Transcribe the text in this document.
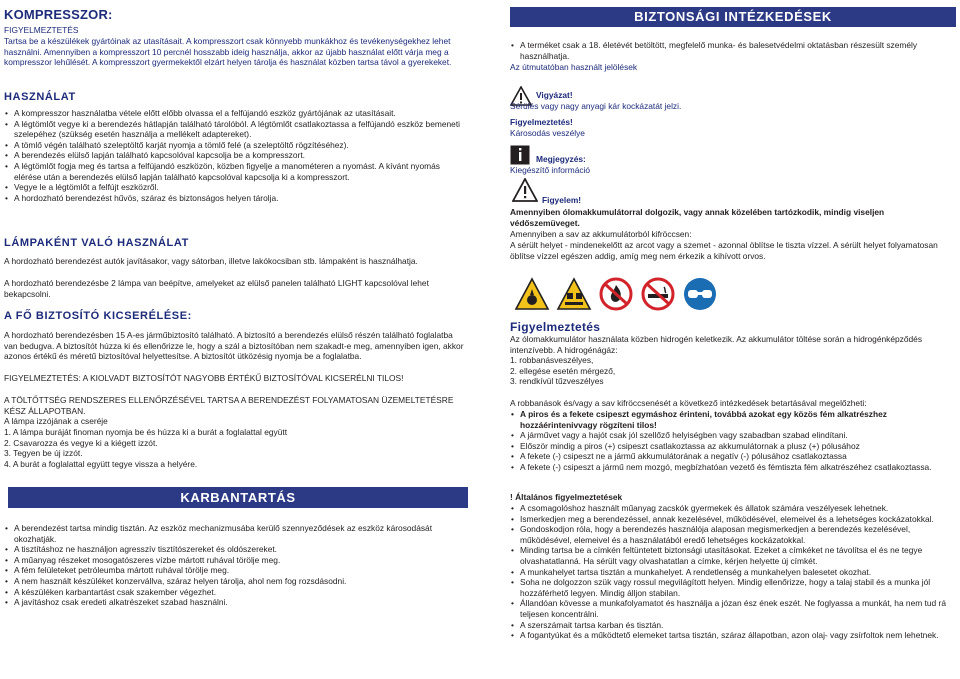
KOMPRESSZOR:

FIGYELMEZTETÉS

Tartsa be a készülékek gyártóinak az utasításait. A kompresszort csak könnyebb munkákhoz és tevékenységekhez lehet használni. Amennyiben a kompresszort 10 percnél hosszabb ideig használja, akkor az újabb használat előtt várja meg a kompresszor lehűlését. A kompresszort gyermekektől elzárt helyen tárolja és használat közben tartsa távol a gyerekeket.

HASZNÁLAT
• A kompresszor használatba vétele előtt előbb olvassa el a felfújandó eszköz gyártójának az utasításait.
• A légtömlőt vegye ki a berendezés hátlapján található tárolóból. A légtömlőt csatlakoztassa a felfújandó eszköz bemeneti szelepéhez (szükség esetén használja a mellékelt adaptereket).
• A tömlő végén található szeleptöltő karját nyomja a tömlő felé (a szeleptöltő rögzítéséhez).
• A berendezés elülső lapján található kapcsolóval kapcsolja be a kompresszort.
• A légtömlőt fogja meg és tartsa a felfújandó eszközön, közben figyelje a manométeren a nyomást. A kívánt nyomás elérése után a berendezés elülső lapján található kapcsolóval kapcsolja ki a kompresszort.
• Vegye le a légtömlőt a felfújt eszközről.
• A hordozható berendezést hűvös, száraz és biztonságos helyen tárolja.
LÁMPAKÉNT VALÓ HASZNÁLAT

A hordozható berendezést autók javításakor, vagy sátorban, illetve lakókocsiban stb. lámpaként is használhatja.

A hordozható berendezésbe 2 lámpa van beépítve, amelyeket az elülső panelen található LIGHT kapcsolóval lehet bekapcsolni.

A FŐ BIZTOSÍTÓ KICSERÉLÉSE:

A hordozható berendezésben 15 A-es járműbiztosító található. A biztosító a berendezés elülső részén található foglalatba van bedugva. A biztosítót húzza ki és ellenőrizze le, hogy a szál a biztosítóban nem szakadt-e meg, amennyiben igen, akkor azonos értékű és méretű biztosítóval helyettesítse. A biztosítót ütközésig nyomja be a foglalatba.

FIGYELMEZTETÉS: A KIOLVADT BIZTOSÍTÓT NAGYOBB ÉRTÉKŰ BIZTOSÍTÓVAL KICSERÉLNI TILOS!

A TÖLTŐTTSÉG RENDSZERES ELLENŐRZÉSÉVEL TARTSA A BERENDEZÉST FOLYAMATOSAN ÜZEMELTETÉSRE KÉSZ ÁLLAPOTBAN.

A lámpa izzójának a cseréje

1. A lámpa buráját finoman nyomja be és húzza ki a burát a foglalattal együtt

2. Csavarozza és vegye ki a kiégett izzót.

3. Tegyen be új izzót.

4. A burát a foglalattal együtt tegye vissza a helyére.

KARBANTARTÁS
• A berendezést tartsa mindig tisztán. Az eszköz mechanizmusába kerülő szennyeződések az eszköz károsodását okozhatják.
• A tisztításhoz ne használjon agresszív tisztítószereket és oldószereket.
• A műanyag részeket mosogatószeres vízbe mártott ruhával törölje meg.
• A fém felületeket petróleumba mártott ruhával törölje meg.
• A nem használt készüléket konzervállva, száraz helyen tárolja, ahol nem fog rozsdásodni.
• A készüléken karbantartást csak szakember végezhet.
• A javításhoz csak eredeti alkatrészeket szabad használni.
BIZTONSÁGI INTÉZKEDÉSEK
• A terméket csak a 18. életévét betöltött, megfelelő munka- és balesetvédelmi oktatásban részesült személy használhatja.

Az útmutatóban használt jelölések

Vigyázat!

Sérülés vagy nagy anyagi kár kockázatát jelzi.

Figyelmeztetés!

Károsodás veszélye

Megjegyzés:

Kiegészítő információ

Figyelem!

Amennyiben ólomakkumulátorral dolgozik, vagy annak közelében tartózkodik, mindig viseljen védőszemüveget.

Amennyiben a sav az akkumulátorból kifröccsen:

A sérült helyet - mindenekelőtt az arcot vagy a szemet - azonnal öblítse le tiszta vízzel. A sérült helyet folyamatosan öblítse vízzel egészen addig, amíg meg nem érkezik a kihívott orvos.

Figyelmeztetés

Az ólomakkumulátor használata közben hidrogén keletkezik. Az akkumulátor töltése során a hidrogénképződés intenzívebb. A hidrogénágáz:

1. robbanásveszélyes,

2. ellegése esetén mérgező,

3. rendkívül tűzveszélyes

A robbanások és/vagy a sav kifröccsenését a következő intézkedések betartásával megelőzheti:

• A piros és a fekete csipeszt egymáshoz érinteni, továbbá azokat egy közös fém alkatrészhez hozzáérintenivvagy rögzíteni tilos!
• A járművet vagy a hajót csak jól szellőző helyiségben vagy szabadban szabad elindítani.
• Először mindig a piros (+) csipeszt csatlakoztassa az akkumulátornak a plusz (+) pólusához
• A fekete (-) csipeszt ne a jármű akkumulátorának a negatív (-) pólusához csatlakoztassa
• A fekete (-) csipeszt a jármű nem mozgó, megbízhatóan vezető és fémtiszta fém alkatrészéhez csatlakoztassa.

! Általános figyelmeztetések

• A csomagolóshoz használt műanyag zacskók gyermekek és állatok számára veszélyesek lehetnek.
• Ismerkedjen meg a berendezéssel, annak kezelésével, működésével, elemeivel és a lehetséges kockázatokkal.
• Gondoskodjon róla, hogy a berendezés használója alaposan megismerkedjen a berendezés kezelésével, működésével, elemeivel és a használatából eredő lehetséges kockázatokkal.
• Minding tartsa be a címkén feltüntetett biztonsági utasításokat. Ezeket a címkéket ne távolítsa el és ne tegye olvashatatlanná. Ha sérült vagy olvashatatlan a címke, kérjen helyette új címkét.
• A munkahelyet tartsa tisztán a munkahelyet. A rendetlenség a munkahelyen balesetet okozhat.
• Soha ne dolgozzon szük vagy rossul megvilágított helyen. Mindig ellenőrizze, hogy a talaj stabil és a munka jól hozzáférhető legyen. Mindig álljon stabilan.
• Állandóan kövesse a munkafolyamatot és használja a józan ész ének eszét. Ne foglyassa a munkát, ha nem tud rá teljesen koncentrálni.
• A szerszámait tartsa karban és tisztán.
• A fogantyúkat és a működtető elemeket tartsa tisztán, száraz állapotban, azon olaj- vagy zsírfoltok nem lehetnek.
